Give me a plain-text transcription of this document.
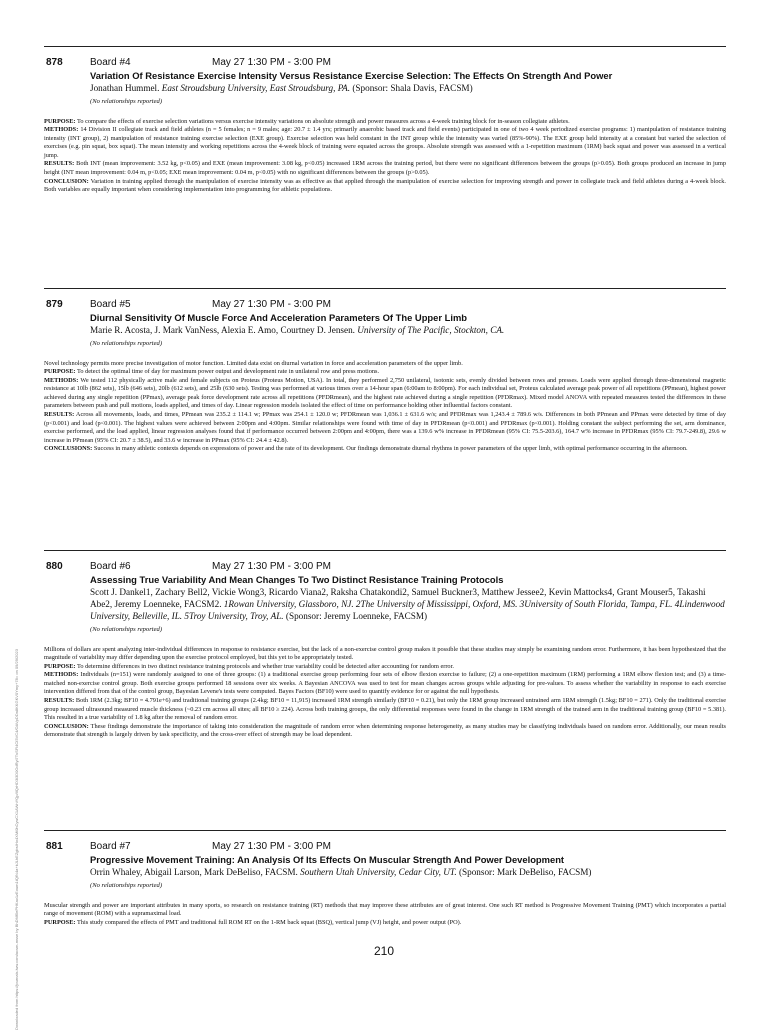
Downloaded from https://journals.lww.com/acsm-msse by BhDMf5ePHKav1zEoum1tQfN4a+kJLhEZgbsIHo4XMi0hCywCX1AWnYQp/IlQrHD3i3D0OdRyi7TvSFl4Cf3VC4/OAVpDDa8KKGKV0Ymy+78= on 09/29/2023
878	Board #4	May 27 1:30 PM - 3:00 PM
Variation Of Resistance Exercise Intensity Versus Resistance Exercise Selection: The Effects On Strength And Power
Jonathan Hummel. East Stroudsburg University, East Stroudsburg, PA. (Sponsor: Shala Davis, FACSM)
(No relationships reported)

PURPOSE: To compare the effects of exercise selection variations versus exercise intensity variations on absolute strength and power measures across a 4-week training block for in-season collegiate athletes.

METHODS: 14 Division II collegiate track and field athletes (n = 5 females; n = 9 males; age: 20.7 ± 1.4 yrs; primarily anaerobic based track and field events) participated in one of two 4 week periodized exercise programs: 1) manipulation of resistance training intensity (INT group), 2) manipulation of resistance training exercise selection (EXE group). Exercise selection was held constant in the INT group while the intensity was varied (85%-90%). The EXE group held intensity at a constant but varied the selection of exercises (e.g. pin squat, box squat). The mean intensity and working repetitions across the 4-week block of training were equated across the groups. Absolute strength was assessed with a 1-repetition maximum (1RM) back squat and power was assessed in a vertical jump.

RESULTS: Both INT (mean improvement: 3.52 kg, p<0.05) and EXE (mean improvement: 3.08 kg, p<0.05) increased 1RM across the training period, but there were no significant differences between the groups (p>0.05). Both groups produced an increase in jump height (INT mean improvement: 0.04 m, p<0.05; EXE mean improvement: 0.04 m, p<0.05) with no significant differences between the groups (p>0.05).

CONCLUSION: Variation in training applied through the manipulation of exercise intensity was as effective as that applied through the manipulation of exercise selection for improving strength and power in collegiate track and field athletes during a 4-week block. Both variables are equally important when considering implementation into programming for athletic populations.

879	Board #5	May 27 1:30 PM - 3:00 PM
Diurnal Sensitivity Of Muscle Force And Acceleration Parameters Of The Upper Limb
Marie R. Acosta, J. Mark VanNess, Alexia E. Amo, Courtney D. Jensen. University of The Pacific, Stockton, CA.
(No relationships reported)

Novel technology permits more precise investigation of motor function. Limited data exist on diurnal variation in force and acceleration parameters of the upper limb.

PURPOSE: To detect the optimal time of day for maximum power output and development rate in unilateral row and press motions.

METHODS: We tested 112 physically active male and female subjects on Proteus (Proteus Motion, USA). In total, they performed 2,750 unilateral, isotonic sets, evenly divided between rows and presses. Loads were applied through three-dimensional magnetic resistance at 10lb (862 sets), 15lb (646 sets), 20lb (612 sets), and 25lb (630 sets). Testing was performed at various times over a 14-hour span (6:00am to 8:00pm). For each individual set, Proteus calculated average peak power of all repetitions (PPmean), highest power achieved during any single repetition (PPmax), average peak force development rate across all repetitions (PFDRmean), and the highest rate achieved during a single repetition (PFDRmax). Mixed model ANOVA with repeated measures tested the differences in these parameters between push and pull motions, loads applied, and times of day. Linear regression models isolated the effect of time on performance holding other influential factors constant.

RESULTS: Across all movements, loads, and times, PPmean was 235.2 ± 114.1 w; PPmax was 254.1 ± 120.0 w; PFDRmean was 1,036.1 ± 631.6 w/s; and PFDRmax was 1,243.4 ± 789.6 w/s. Differences in both PPmean and PPmax were detected by time of day (p<0.001) and load (p<0.001). The highest values were achieved between 2:00pm and 4:00pm. Similar relationships were found with time of day in PFDRmean (p<0.001) and PFDRmax (p<0.001). Holding constant the subject performing the set, arm dominance, exercise performed, and the load applied, linear regression analyses found that if performance occurred between 2:00pm and 4:00pm, there was a 139.6 w% increase in PFDRmean (95% CI: 75.5-203.6), 164.7 w% increase in PFDRmax (95% CI: 79.7-249.8), 29.6 w increase in PPmean (95% CI: 20.7 ± 38.5), and 33.6 w increase in PPmax (95% CI: 24.4 ± 42.8).

CONCLUSIONS: Success in many athletic contexts depends on expressions of power and the rate of its development. Our findings demonstrate diurnal rhythms in power parameters of the upper limb, with optimal performance occurring in the afternoon.

880	Board #6	May 27 1:30 PM - 3:00 PM
Assessing True Variability And Mean Changes To Two Distinct Resistance Training Protocols
Scott J. Dankel1, Zachary Bell2, Vickie Wong3, Ricardo Viana2, Raksha Chatakondi2, Samuel Buckner3, Matthew Jessee2, Kevin Mattocks4, Grant Mouser5, Takashi Abe2, Jeremy Loenneke, FACSM2. 1Rowan University, Glassboro, NJ. 2The University of Mississippi, Oxford, MS. 3University of South Florida, Tampa, FL. 4Lindenwood University, Belleville, IL. 5Troy University, Troy, AL. (Sponsor: Jeremy Loenneke, FACSM)
(No relationships reported)

Millions of dollars are spent analyzing inter-individual differences in response to resistance exercise, but the lack of a non-exercise control group makes it possible that these studies may simply be examining random error. Furthermore, it has been hypothesized that the magnitude of variability may differ depending upon the exercise protocol employed, but this yet to be appropriately tested.

PURPOSE: To determine differences in two distinct resistance training protocols and whether true variability could be detected after accounting for random error.

METHODS: Individuals (n=151) were randomly assigned to one of three groups: (1) a traditional exercise group performing four sets of elbow flexion exercise to failure; (2) a one-repetition maximum (1RM) performing a 1RM elbow flexion test; and (3) a time-matched non-exercise control group. Both exercise groups performed 18 sessions over six weeks. A Bayesian ANCOVA was used to test for mean changes across groups while adjusting for pre-values. To assess whether the variability in response to each exercise intervention differed from that of the control group, Bayesian Levene's tests were computed. Bayes Factors (BF10) were used to quantify evidence for or against the null hypothesis.

RESULTS: Both 1RM (2.3kg; BF10 = 4.791e+6) and traditional training groups (2.4kg; BF10 = 11,915) increased 1RM strength similarly (BF10 = 0.21), but only the 1RM group increased untrained arm 1RM strength (1.5kg; BF10 = 271). Only the traditional exercise group increased ultrasound measured muscle thickness (~0.23 cm across all sites; all BF10 ≥ 224). Across both training groups, the only differential responses were found in the change in 1RM strength of the trained arm in the traditional training group (BF10 = 5.381). This resulted in a true variability of 1.8 kg after the removal of random error.

CONCLUSION: These findings demonstrate the importance of taking into consideration the magnitude of random error when determining response heterogeneity, as many studies may be classifying individuals based on random error. Additionally, our mean results demonstrate that strength is largely driven by task specificity, and the cross-over effect of strength may be load dependent.

881	Board #7	May 27 1:30 PM - 3:00 PM
Progressive Movement Training: An Analysis Of Its Effects On Muscular Strength And Power Development
Orrin Whaley, Abigail Larson, Mark DeBeliso, FACSM. Southern Utah University, Cedar City, UT. (Sponsor: Mark DeBeliso, FACSM)
(No relationships reported)

Muscular strength and power are important attributes in many sports, so research on resistance training (RT) methods that may improve these attributes are of great interest. One such RT method is Progressive Movement Training (PMT) which incorporates a partial range of movement (ROM) with a supramaximal load.

PURPOSE: This study compared the effects of PMT and traditional full ROM RT on the 1-RM back squat (BSQ), vertical jump (VJ) height, and power output (PO).

210
